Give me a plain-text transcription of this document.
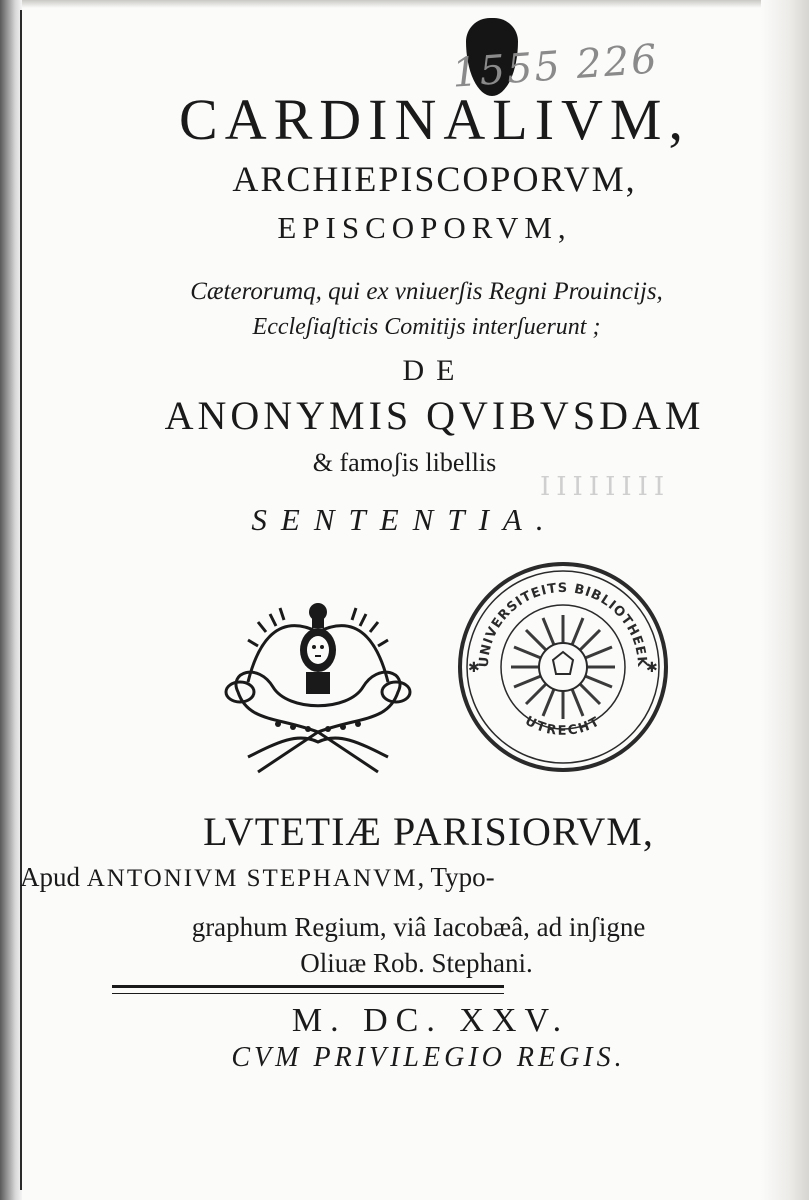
1555 226
IIIIIIII
CARDINALIVM,
ARCHIEPISCOPORVM,
EPISCOPORVM,
Cæterorumq, qui ex vniuerʃis Regni Prouincijs,
Eccleʃiaʃticis Comitijs interʃuerunt ;
DE
ANONYMIS QVIBVSDAM
& famoʃis libellis
SENTENTIA.
UNIVERSITEITS BIBLIOTHEEK
UTRECHT
✱	✱
LVTETIÆ PARISIORVM,
Apud ANTONIVM STEPHANVM, Typo-
graphum Regium, viâ Iacobæâ, ad inʃigne
Oliuæ Rob. Stephani.
M. DC. XXV.
CVM PRIVILEGIO REGIS.
